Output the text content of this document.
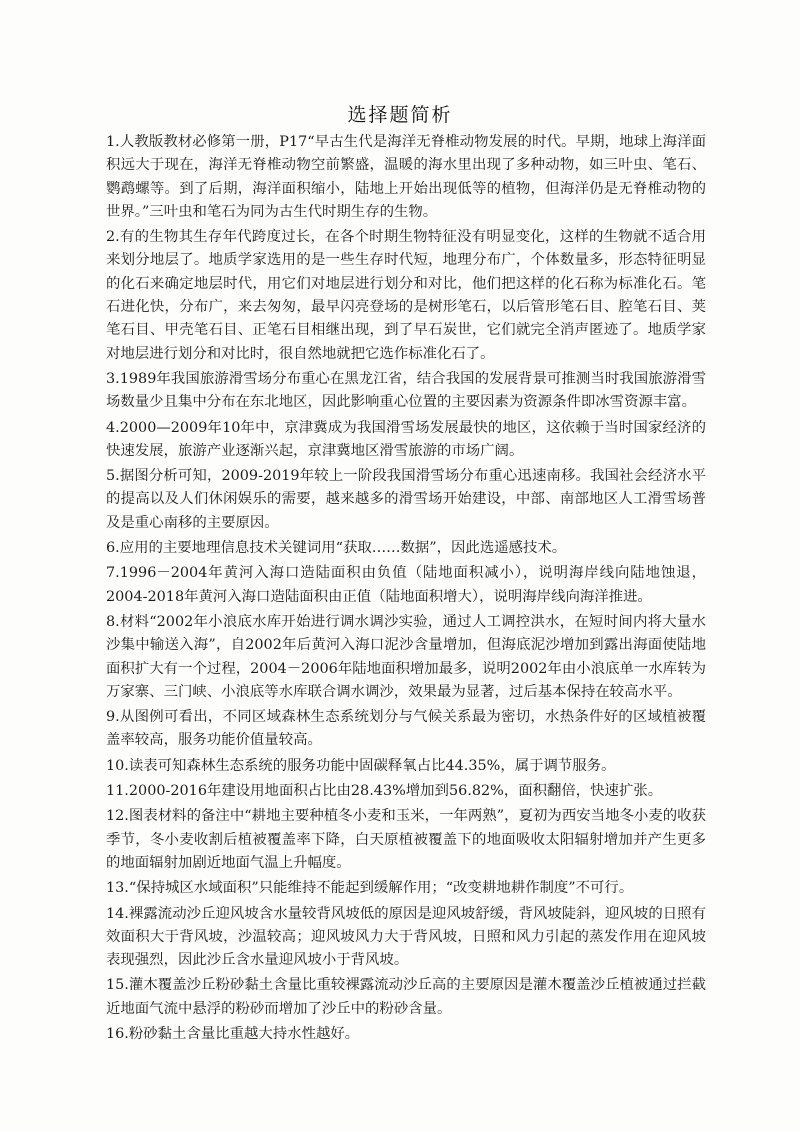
选择题简析

1.人教版教材必修第一册，P17“早古生代是海洋无脊椎动物发展的时代。早期，地球上海洋面积远大于现在，海洋无脊椎动物空前繁盛，温暖的海水里出现了多种动物，如三叶虫、笔石、鹦鹉螺等。到了后期，海洋面积缩小，陆地上开始出现低等的植物，但海洋仍是无脊椎动物的世界。”三叶虫和笔石为同为古生代时期生存的生物。

2.有的生物其生存年代跨度过长，在各个时期生物特征没有明显变化，这样的生物就不适合用来划分地层了。地质学家选用的是一些生存时代短，地理分布广，个体数量多，形态特征明显的化石来确定地层时代，用它们对地层进行划分和对比，他们把这样的化石称为标准化石。笔石进化快，分布广，来去匆匆，最早闪亮登场的是树形笔石，以后管形笔石目、腔笔石目、荚笔石目、甲壳笔石目、正笔石目相继出现，到了早石炭世，它们就完全消声匿迹了。地质学家对地层进行划分和对比时，很自然地就把它选作标准化石了。

3.1989年我国旅游滑雪场分布重心在黑龙江省，结合我国的发展背景可推测当时我国旅游滑雪场数量少且集中分布在东北地区，因此影响重心位置的主要因素为资源条件即冰雪资源丰富。

4.2000—2009年10年中，京津冀成为我国滑雪场发展最快的地区，这依赖于当时国家经济的快速发展，旅游产业逐渐兴起，京津冀地区滑雪旅游的市场广阔。

5.据图分析可知，2009-2019年较上一阶段我国滑雪场分布重心迅速南移。我国社会经济水平的提高以及人们休闲娱乐的需要，越来越多的滑雪场开始建设，中部、南部地区人工滑雪场普及是重心南移的主要原因。

6.应用的主要地理信息技术关键词用“获取……数据”，因此选遥感技术。

7.1996－2004年黄河入海口造陆面积由负值（陆地面积减小），说明海岸线向陆地蚀退，2004-2018年黄河入海口造陆面积由正值（陆地面积增大），说明海岸线向海洋推进。

8.材料“2002年小浪底水库开始进行调水调沙实验，通过人工调控洪水，在短时间内将大量水沙集中输送入海”，自2002年后黄河入海口泥沙含量增加，但海底泥沙增加到露出海面使陆地面积扩大有一个过程，2004－2006年陆地面积增加最多，说明2002年由小浪底单一水库转为万家寨、三门峡、小浪底等水库联合调水调沙，效果最为显著，过后基本保持在较高水平。

9.从图例可看出，不同区域森林生态系统划分与气候关系最为密切，水热条件好的区域植被覆盖率较高，服务功能价值量较高。

10.读表可知森林生态系统的服务功能中固碳释氧占比44.35%，属于调节服务。

11.2000-2016年建设用地面积占比由28.43%增加到56.82%，面积翻倍，快速扩张。

12.图表材料的备注中“耕地主要种植冬小麦和玉米，一年两熟”，夏初为西安当地冬小麦的收获季节，冬小麦收割后植被覆盖率下降，白天原植被覆盖下的地面吸收太阳辐射增加并产生更多的地面辐射加剧近地面气温上升幅度。

13.“保持城区水域面积”只能维持不能起到缓解作用；“改变耕地耕作制度”不可行。

14.裸露流动沙丘迎风坡含水量较背风坡低的原因是迎风坡舒缓，背风坡陡斜，迎风坡的日照有效面积大于背风坡，沙温较高；迎风坡风力大于背风坡，日照和风力引起的蒸发作用在迎风坡表现强烈，因此沙丘含水量迎风坡小于背风坡。

15.灌木覆盖沙丘粉砂黏土含量比重较裸露流动沙丘高的主要原因是灌木覆盖沙丘植被通过拦截近地面气流中悬浮的粉砂而增加了沙丘中的粉砂含量。

16.粉砂黏土含量比重越大持水性越好。
